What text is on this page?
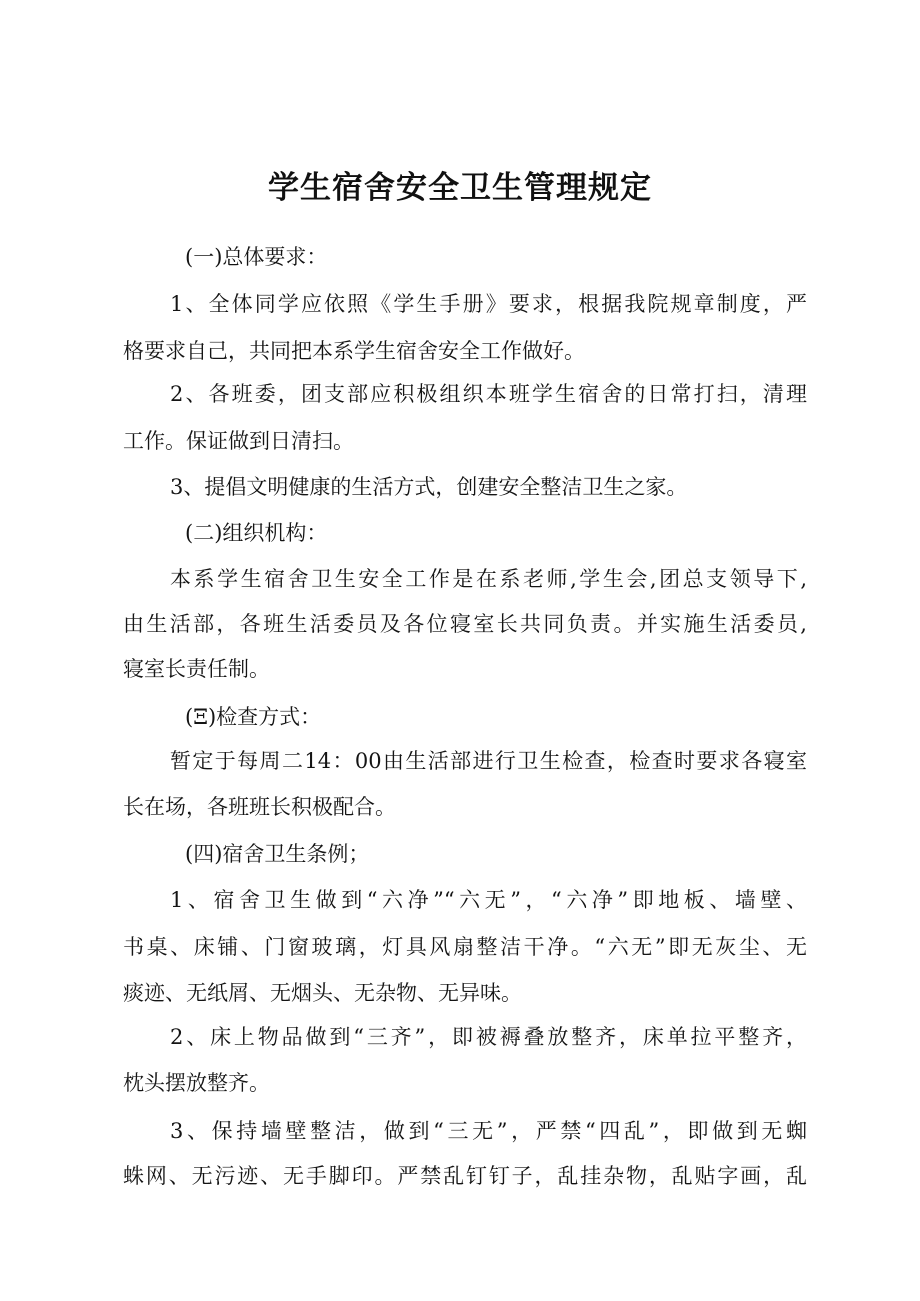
学生宿舍安全卫生管理规定
(一)总体要求：
1、全体同学应依照《学生手册》要求，根据我院规章制度，严
格要求自己，共同把本系学生宿舍安全工作做好。
2、各班委，团支部应积极组织本班学生宿舍的日常打扫，清理
工作。保证做到日清扫。
3、提倡文明健康的生活方式，创建安全整洁卫生之家。
(二)组织机构：
本系学生宿舍卫生安全工作是在系老师,学生会,团总支领导下,
由生活部，各班生活委员及各位寝室长共同负责。并实施生活委员,
寝室长责任制。
(Ξ)检查方式：
暂定于每周二14：00由生活部进行卫生检查，检查时要求各寝室
长在场，各班班长积极配合。
(四)宿舍卫生条例；
1、宿舍卫生做到“六净”“六无”，“六净”即地板、墙壁、
书桌、床铺、门窗玻璃，灯具风扇整洁干净。“六无”即无灰尘、无
痰迹、无纸屑、无烟头、无杂物、无异味。
2、床上物品做到“三齐”，即被褥叠放整齐，床单拉平整齐，
枕头摆放整齐。
3、保持墙壁整洁，做到“三无”，严禁“四乱”，即做到无蜘
蛛网、无污迹、无手脚印。严禁乱钉钉子，乱挂杂物，乱贴字画，乱
